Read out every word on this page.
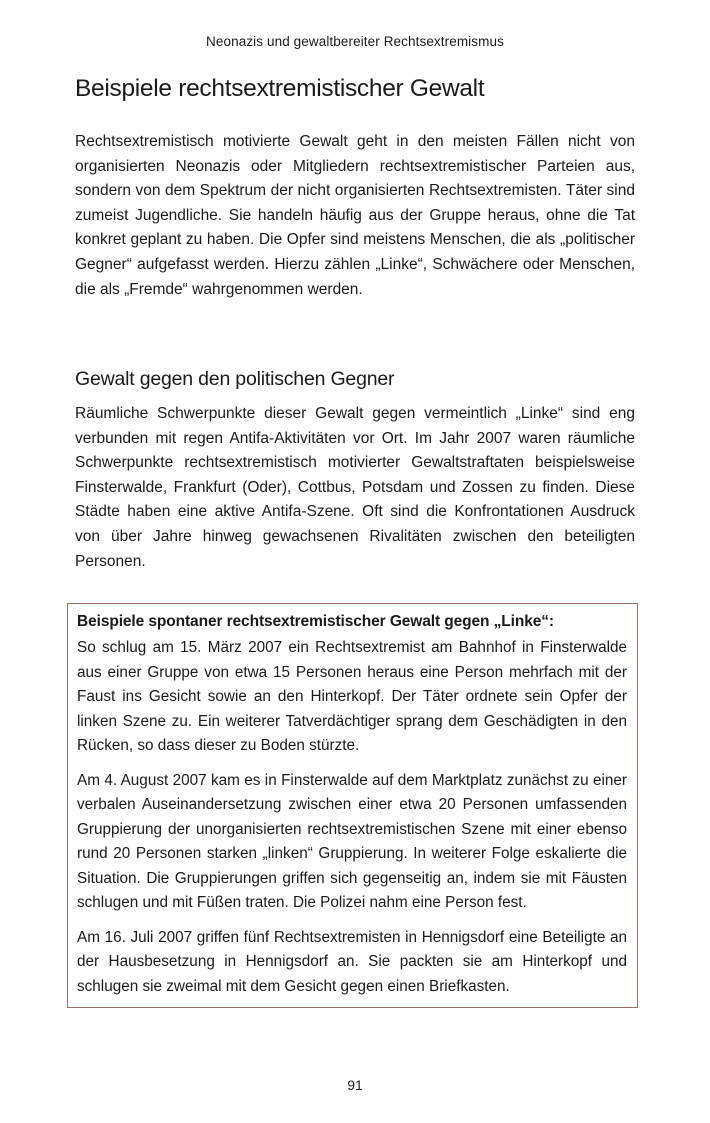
Neonazis und gewaltbereiter Rechtsextremismus
Beispiele rechtsextremistischer Gewalt

Rechtsextremistisch motivierte Gewalt geht in den meisten Fällen nicht von organisierten Neonazis oder Mitgliedern rechtsextremistischer Parteien aus, sondern von dem Spektrum der nicht organisierten Rechtsextremisten. Täter sind zumeist Jugendliche. Sie handeln häufig aus der Gruppe heraus, ohne die Tat konkret geplant zu haben. Die Opfer sind meistens Menschen, die als „politischer Gegner“ aufgefasst werden. Hierzu zählen „Linke“, Schwächere oder Menschen, die als „Fremde“ wahrgenommen werden.

Gewalt gegen den politischen Gegner

Räumliche Schwerpunkte dieser Gewalt gegen vermeintlich „Linke“ sind eng verbunden mit regen Antifa-Aktivitäten vor Ort. Im Jahr 2007 waren räumliche Schwerpunkte rechtsextremistisch motivierter Gewaltstraftaten beispielsweise Finsterwalde, Frankfurt (Oder), Cottbus, Potsdam und Zossen zu finden. Diese Städte haben eine aktive Antifa-Szene. Oft sind die Konfrontationen Ausdruck von über Jahre hinweg gewachsenen Rivalitäten zwischen den beteiligten Personen.

Beispiele spontaner rechtsextremistischer Gewalt gegen „Linke“:

So schlug am 15. März 2007 ein Rechtsextremist am Bahnhof in Finsterwalde aus einer Gruppe von etwa 15 Personen heraus eine Person mehrfach mit der Faust ins Gesicht sowie an den Hinterkopf. Der Täter ordnete sein Opfer der linken Szene zu. Ein weiterer Tatverdächtiger sprang dem Geschädigten in den Rücken, so dass dieser zu Boden stürzte.

Am 4. August 2007 kam es in Finsterwalde auf dem Marktplatz zunächst zu einer verbalen Auseinandersetzung zwischen einer etwa 20 Personen umfassenden Gruppierung der unorganisierten rechtsextremistischen Szene mit einer ebenso rund 20 Personen starken „linken“ Gruppierung. In weiterer Folge eskalierte die Situation. Die Gruppierungen griffen sich gegenseitig an, indem sie mit Fäusten schlugen und mit Füßen traten. Die Polizei nahm eine Person fest.

Am 16. Juli 2007 griffen fünf Rechtsextremisten in Hennigsdorf eine Beteiligte an der Hausbesetzung in Hennigsdorf an. Sie packten sie am Hinterkopf und schlugen sie zweimal mit dem Gesicht gegen einen Briefkasten.

91
